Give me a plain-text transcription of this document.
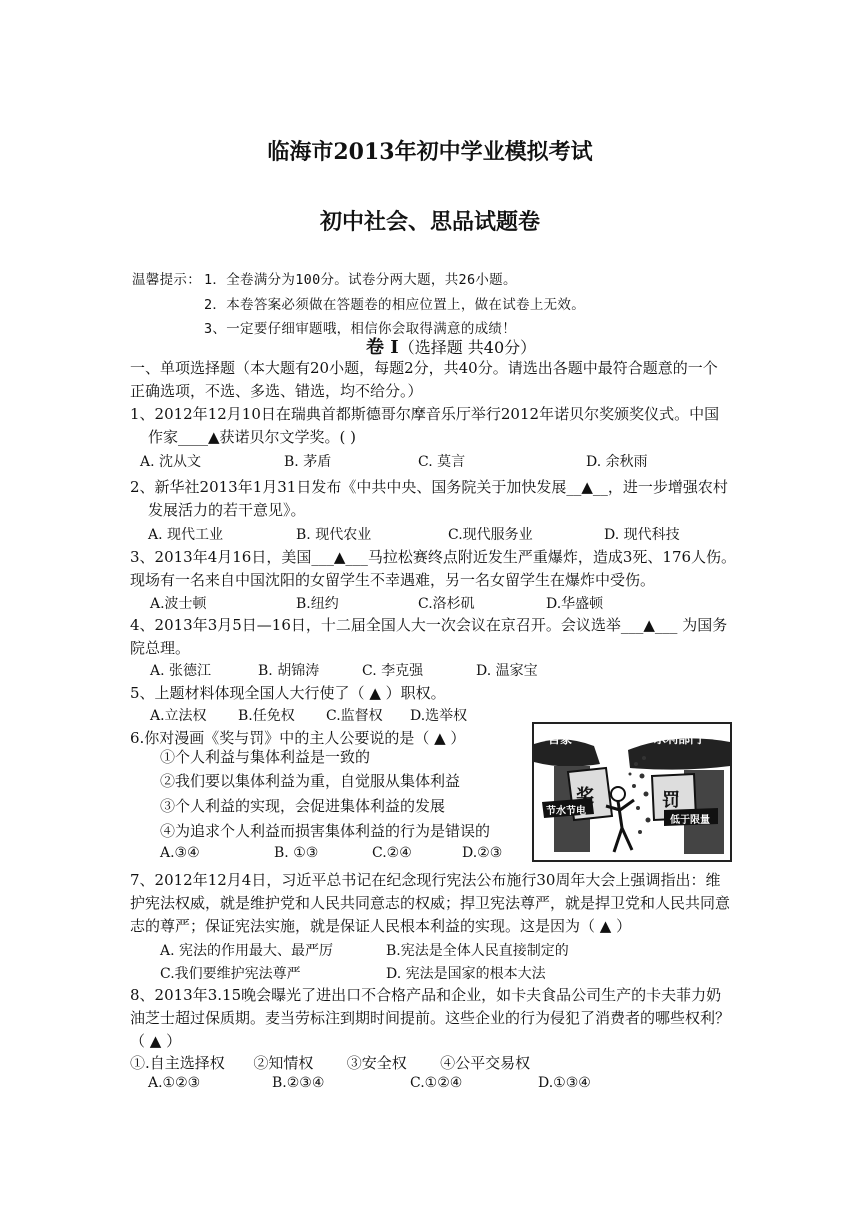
临海市2013年初中学业模拟考试
初中社会、思品试题卷
温馨提示： 1．全卷满分为100分。试卷分两大题，共26小题。
2．本卷答案必须做在答题卷的相应位置上，做在试卷上无效。
3、一定要仔细审题哦，相信你会取得满意的成绩！
卷 Ⅰ（选择题 共40分）
一、单项选择题（本大题有20小题，每题2分，共40分。请选出各题中最符合题意的一个
正确选项，不选、多选、错选，均不给分。）
1、2012年12月10日在瑞典首都斯德哥尔摩音乐厅举行2012年诺贝尔奖颁奖仪式。中国
作家____▲获诺贝尔文学奖。( )
A. 沈从文	B. 茅盾	C. 莫言	D. 余秋雨
2、新华社2013年1月31日发布《中共中央、国务院关于加快发展__▲__，进一步增强农村
发展活力的若干意见》。
A. 现代工业	B. 现代农业	C.现代服务业	D. 现代科技
3、2013年4月16日，美国___▲___马拉松赛终点附近发生严重爆炸，造成3死、176人伤。
现场有一名来自中国沈阳的女留学生不幸遇难，另一名女留学生在爆炸中受伤。
A.波士顿	B.纽约	C.洛杉矶	D.华盛顿
4、2013年3月5日—16日，十二届全国人大一次会议在京召开。会议选举___▲___ 为国务
院总理。
A. 张德江	B. 胡锦涛	C. 李克强	D. 温家宝
5、上题材料体现全国人大行使了（ ▲ ）职权。
A.立法权 B.任免权 C.监督权 D.选举权
6.你对漫画《奖与罚》中的主人公要说的是（ ▲ ）
①个人利益与集体利益是一致的
②我们要以集体利益为重，自觉服从集体利益
③个人利益的实现，会促进集体利益的发展
④为追求个人利益而损害集体利益的行为是错误的
A.③④	B. ①③	C.②④	D.②③
自家	水利部门
奖	罚
节水节电
低于限量
7、2012年12月4日，习近平总书记在纪念现行宪法公布施行30周年大会上强调指出：维
护宪法权威，就是维护党和人民共同意志的权威；捍卫宪法尊严，就是捍卫党和人民共同意
志的尊严；保证宪法实施，就是保证人民根本利益的实现。这是因为（ ▲ ）
A. 宪法的作用最大、最严厉	B.宪法是全体人民直接制定的
C.我们要维护宪法尊严	D. 宪法是国家的根本大法
8、2013年3.15晚会曝光了进出口不合格产品和企业，如卡夫食品公司生产的卡夫菲力奶
油芝士超过保质期。麦当劳标注到期时间提前。这些企业的行为侵犯了消费者的哪些权利？
（ ▲ ）
①.自主选择权      ②知情权       ③安全权       ④公平交易权
A.①②③	B.②③④	C.①②④	D.①③④
